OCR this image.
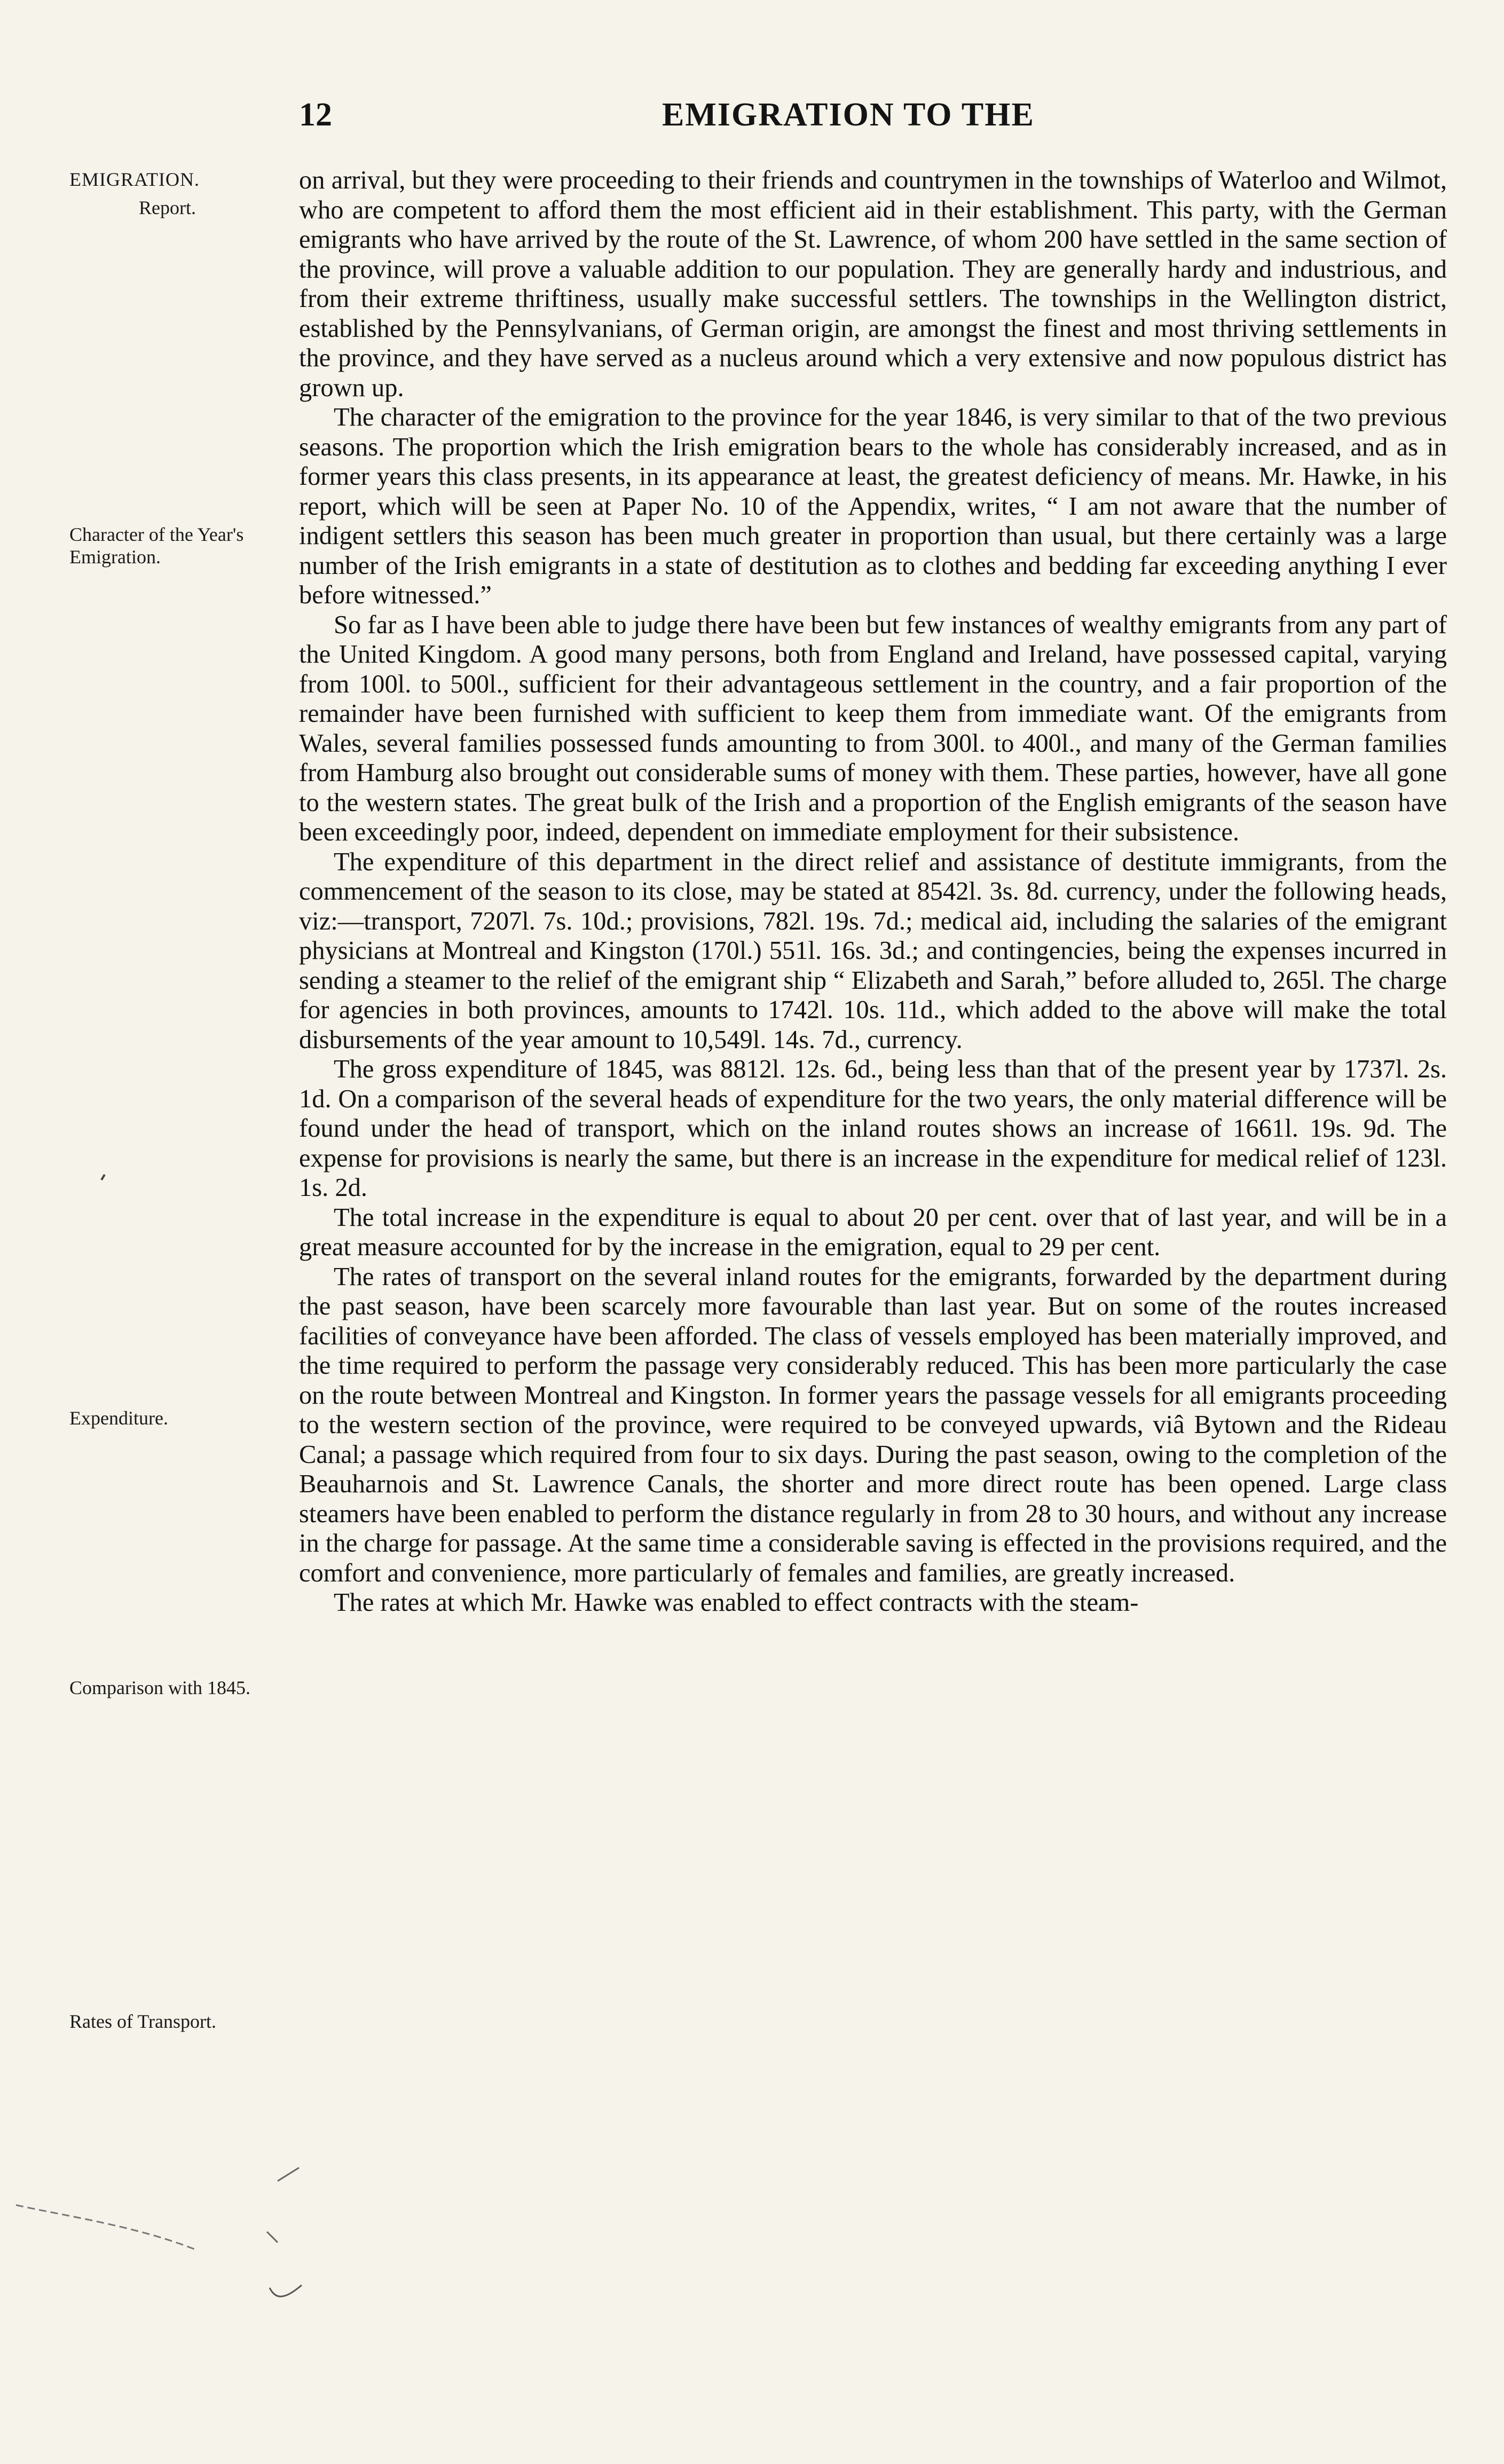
12	EMIGRATION TO THE
EMIGRATION.
Report.
Character of the Year's Emigration.
Expenditure.
Comparison with 1845.
Rates of Transport.

on arrival, but they were proceeding to their friends and countrymen in the townships of Waterloo and Wilmot, who are competent to afford them the most efficient aid in their establishment. This party, with the German emigrants who have arrived by the route of the St. Lawrence, of whom 200 have settled in the same section of the province, will prove a valuable addition to our population. They are generally hardy and industrious, and from their extreme thriftiness, usually make successful settlers. The townships in the Wellington district, established by the Pennsylvanians, of German origin, are amongst the finest and most thriving settlements in the province, and they have served as a nucleus around which a very extensive and now populous district has grown up.

The character of the emigration to the province for the year 1846, is very similar to that of the two previous seasons. The proportion which the Irish emigration bears to the whole has considerably increased, and as in former years this class presents, in its appearance at least, the greatest deficiency of means. Mr. Hawke, in his report, which will be seen at Paper No. 10 of the Appendix, writes, “ I am not aware that the number of indigent settlers this season has been much greater in proportion than usual, but there certainly was a large number of the Irish emigrants in a state of destitution as to clothes and bedding far exceeding anything I ever before witnessed.”

So far as I have been able to judge there have been but few instances of wealthy emigrants from any part of the United Kingdom. A good many persons, both from England and Ireland, have possessed capital, varying from 100l. to 500l., sufficient for their advantageous settlement in the country, and a fair proportion of the remainder have been furnished with sufficient to keep them from immediate want. Of the emigrants from Wales, several families possessed funds amounting to from 300l. to 400l., and many of the German families from Hamburg also brought out considerable sums of money with them. These parties, however, have all gone to the western states. The great bulk of the Irish and a proportion of the English emigrants of the season have been exceedingly poor, indeed, dependent on immediate employment for their subsistence.

The expenditure of this department in the direct relief and assistance of destitute immigrants, from the commencement of the season to its close, may be stated at 8542l. 3s. 8d. currency, under the following heads, viz:—transport, 7207l. 7s. 10d.; provisions, 782l. 19s. 7d.; medical aid, including the salaries of the emigrant physicians at Montreal and Kingston (170l.) 551l. 16s. 3d.; and contingencies, being the expenses incurred in sending a steamer to the relief of the emigrant ship “ Elizabeth and Sarah,” before alluded to, 265l. The charge for agencies in both provinces, amounts to 1742l. 10s. 11d., which added to the above will make the total disbursements of the year amount to 10,549l. 14s. 7d., currency.

The gross expenditure of 1845, was 8812l. 12s. 6d., being less than that of the present year by 1737l. 2s. 1d. On a comparison of the several heads of expenditure for the two years, the only material difference will be found under the head of transport, which on the inland routes shows an increase of 1661l. 19s. 9d. The expense for provisions is nearly the same, but there is an increase in the expenditure for medical relief of 123l. 1s. 2d.

The total increase in the expenditure is equal to about 20 per cent. over that of last year, and will be in a great measure accounted for by the increase in the emigration, equal to 29 per cent.

The rates of transport on the several inland routes for the emigrants, forwarded by the department during the past season, have been scarcely more favourable than last year. But on some of the routes increased facilities of conveyance have been afforded. The class of vessels employed has been materially improved, and the time required to perform the passage very considerably reduced. This has been more particularly the case on the route between Montreal and Kingston. In former years the passage vessels for all emigrants proceeding to the western section of the province, were required to be conveyed upwards, viâ Bytown and the Rideau Canal; a passage which required from four to six days. During the past season, owing to the completion of the Beauharnois and St. Lawrence Canals, the shorter and more direct route has been opened. Large class steamers have been enabled to perform the distance regularly in from 28 to 30 hours, and without any increase in the charge for passage. At the same time a considerable saving is effected in the provisions required, and the comfort and convenience, more particularly of females and families, are greatly increased.

The rates at which Mr. Hawke was enabled to effect contracts with the steam-
